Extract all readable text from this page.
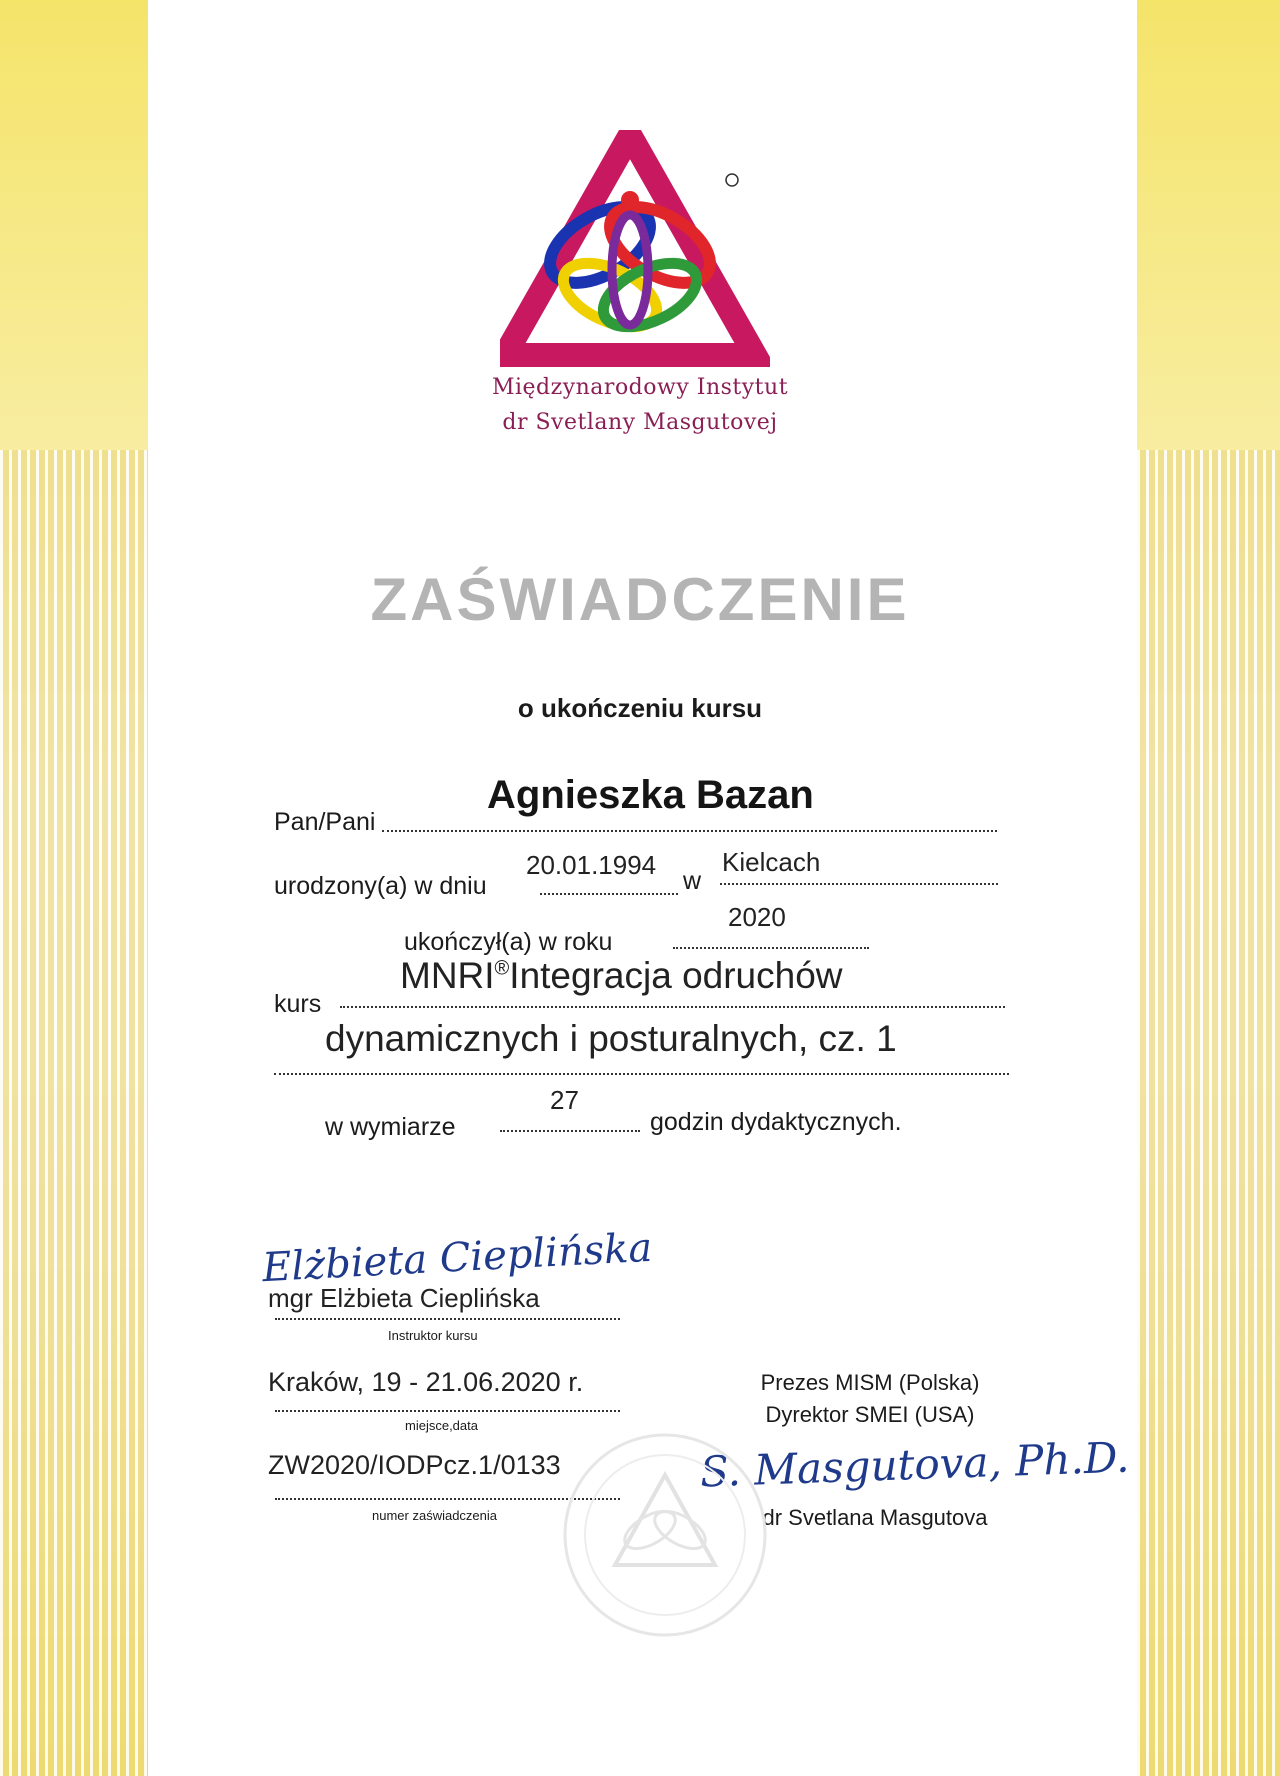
Międzynarodowy Instytut
dr Svetlany Masgutovej
ZAŚWIADCZENIE
o ukończeniu kursu
Pan/Pani
Agnieszka Bazan
urodzony(a) w dniu
20.01.1994
w
Kielcach
ukończył(a) w roku
2020
kurs
MNRI®Integracja odruchów
dynamicznych i posturalnych, cz. 1
w wymiarze
27
godzin dydaktycznych.
Elżbieta Cieplińska
mgr Elżbieta Cieplińska
Instruktor kursu
Kraków, 19 - 21.06.2020 r.
miejsce,data
ZW2020/IODPcz.1/0133
numer zaświadczenia
Prezes MISM (Polska)
Dyrektor SMEI (USA)
S. Masgutova, Ph.D.
dr Svetlana Masgutova
